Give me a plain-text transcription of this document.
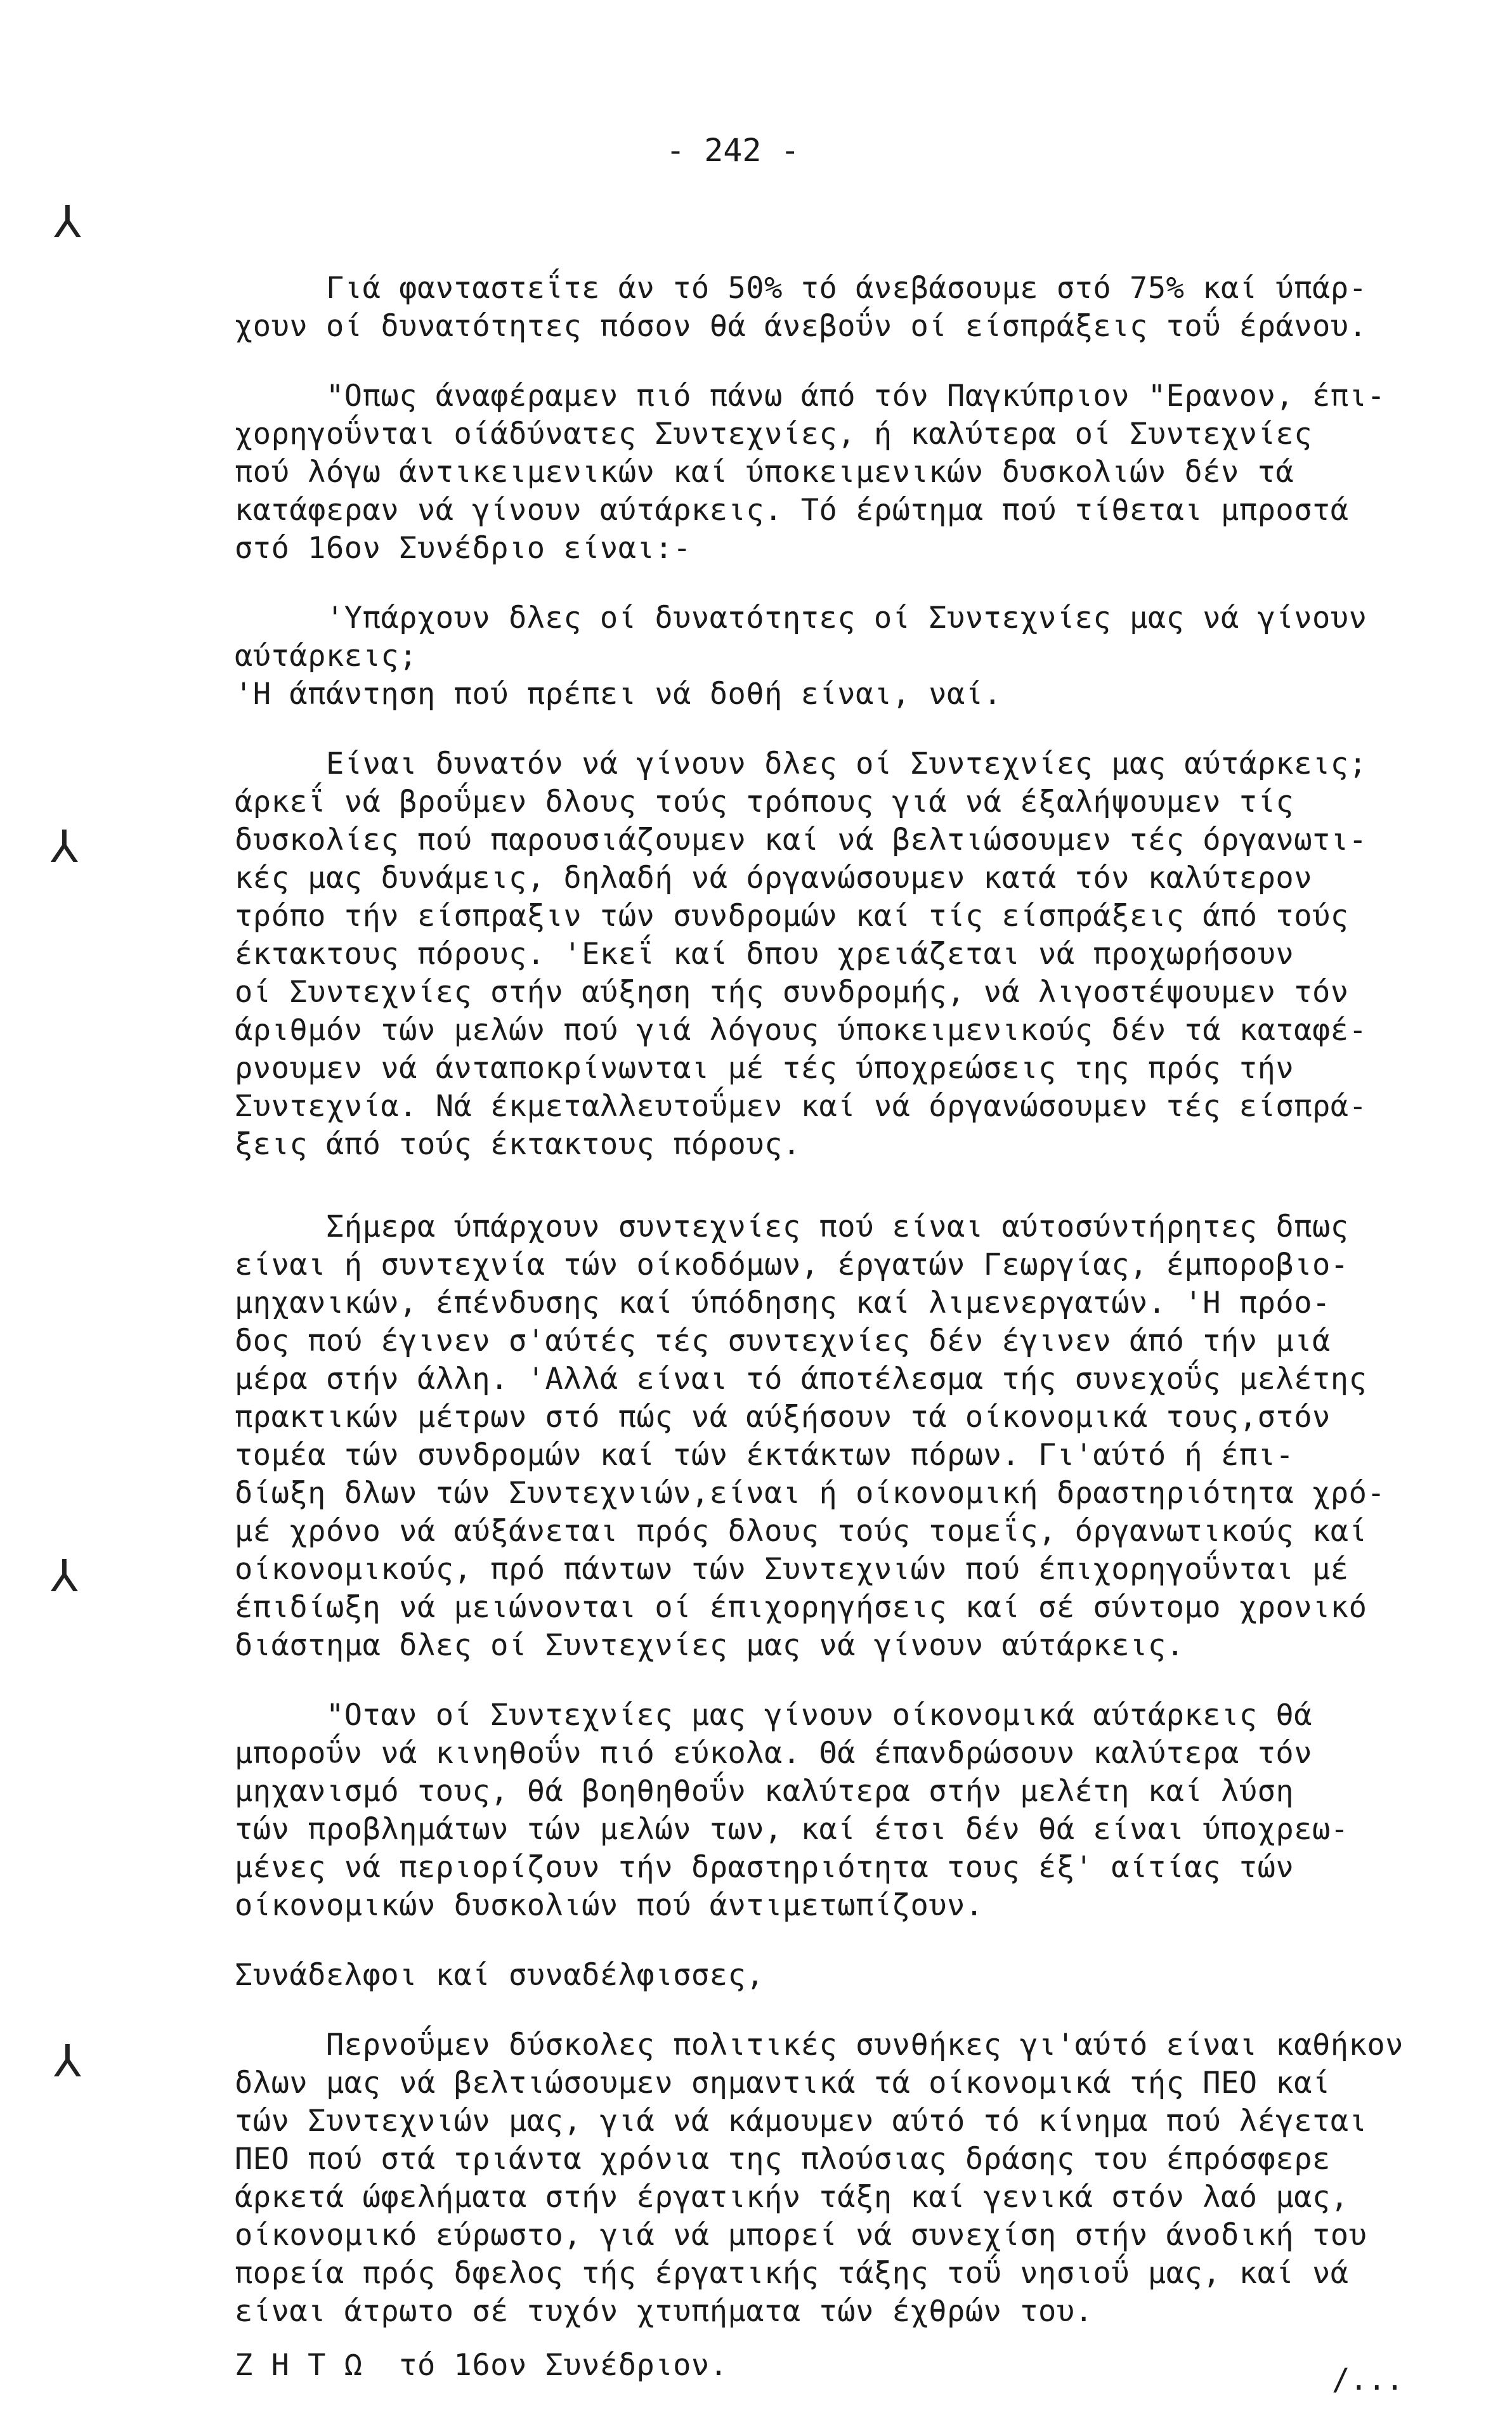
- 242 -
⅄
⅄
⅄
⅄
Γιά φανταστεΐτε άν τό 50% τό άνεβάσουμε στό 75% καί ύπάρ-
χουν οί δυνατότητες πόσον θά άνεβοΰν οί είσπράξεις τοΰ έράνου.
"Οπως άναφέραμεν πιό πάνω άπό τόν Παγκύπριον "Ερανον, έπι-
χορηγοΰνται οίάδύνατες Συντεχνίες, ή καλύτερα οί Συντεχνίες
πού λόγω άντικειμενικών καί ύποκειμενικών δυσκολιών δέν τά
κατάφεραν νά γίνουν αύτάρκεις. Τό έρώτημα πού τίθεται μπροστά
στό 16ον Συνέδριο είναι:-
'Υπάρχουν δλες οί δυνατότητες οί Συντεχνίες μας νά γίνουν
αύτάρκεις;
'Η άπάντηση πού πρέπει νά δοθή είναι, ναί.
Είναι δυνατόν νά γίνουν δλες οί Συντεχνίες μας αύτάρκεις;
άρκεΐ νά βροΰμεν δλους τούς τρόπους γιά νά έξαλήψουμεν τίς
δυσκολίες πού παρουσιάζουμεν καί νά βελτιώσουμεν τές όργανωτι-
κές μας δυνάμεις, δηλαδή νά όργανώσουμεν κατά τόν καλύτερον
τρόπο τήν είσπραξιν τών συνδρομών καί τίς είσπράξεις άπό τούς
έκτακτους πόρους. 'Εκεΐ καί δπου χρειάζεται νά προχωρήσουν
οί Συντεχνίες στήν αύξηση τής συνδρομής, νά λιγοστέψουμεν τόν
άριθμόν τών μελών πού γιά λόγους ύποκειμενικούς δέν τά καταφέ-
ρνουμεν νά άνταποκρίνωνται μέ τές ύποχρεώσεις της πρός τήν
Συντεχνία. Νά έκμεταλλευτοΰμεν καί νά όργανώσουμεν τές είσπρά-
ξεις άπό τούς έκτακτους πόρους.
Σήμερα ύπάρχουν συντεχνίες πού είναι αύτοσύντήρητες δπως
είναι ή συντεχνία τών οίκοδόμων, έργατών Γεωργίας, έμποροβιο-
μηχανικών, έπένδυσης καί ύπόδησης καί λιμενεργατών. 'Η πρόο-
δος πού έγινεν σ'αύτές τές συντεχνίες δέν έγινεν άπό τήν μιά
μέρα στήν άλλη. 'Αλλά είναι τό άποτέλεσμα τής συνεχοΰς μελέτης
πρακτικών μέτρων στό πώς νά αύξήσουν τά οίκονομικά τους,στόν
τομέα τών συνδρομών καί τών έκτάκτων πόρων. Γι'αύτό ή έπι-
δίωξη δλων τών Συντεχνιών,είναι ή οίκονομική δραστηριότητα χρό-
μέ χρόνο νά αύξάνεται πρός δλους τούς τομεΐς, όργανωτικούς καί
οίκονομικούς, πρό πάντων τών Συντεχνιών πού έπιχορηγοΰνται μέ
έπιδίωξη νά μειώνονται οί έπιχορηγήσεις καί σέ σύντομο χρονικό
διάστημα δλες οί Συντεχνίες μας νά γίνουν αύτάρκεις.
"Οταν οί Συντεχνίες μας γίνουν οίκονομικά αύτάρκεις θά
μποροΰν νά κινηθοΰν πιό εύκολα. Θά έπανδρώσουν καλύτερα τόν
μηχανισμό τους, θά βοηθηθοΰν καλύτερα στήν μελέτη καί λύση
τών προβλημάτων τών μελών των, καί έτσι δέν θά είναι ύποχρεω-
μένες νά περιορίζουν τήν δραστηριότητα τους έξ' αίτίας τών
οίκονομικών δυσκολιών πού άντιμετωπίζουν.
Συνάδελφοι καί συναδέλφισσες,
Περνοΰμεν δύσκολες πολιτικές συνθήκες γι'αύτό είναι καθήκον
δλων μας νά βελτιώσουμεν σημαντικά τά οίκονομικά τής ΠΕΟ καί
τών Συντεχνιών μας, γιά νά κάμουμεν αύτό τό κίνημα πού λέγεται
ΠΕΟ πού στά τριάντα χρόνια της πλούσιας δράσης του έπρόσφερε
άρκετά ώφελήματα στήν έργατικήν τάξη καί γενικά στόν λαό μας,
οίκονομικό εύρωστο, γιά νά μπορεί νά συνεχίση στήν άνοδική του
πορεία πρός δφελος τής έργατικής τάξης τοΰ νησιοΰ μας, καί νά
είναι άτρωτο σέ τυχόν χτυπήματα τών έχθρών του.
Ζ Η Τ Ω  τό 16ον Συνέδριον.	/...
